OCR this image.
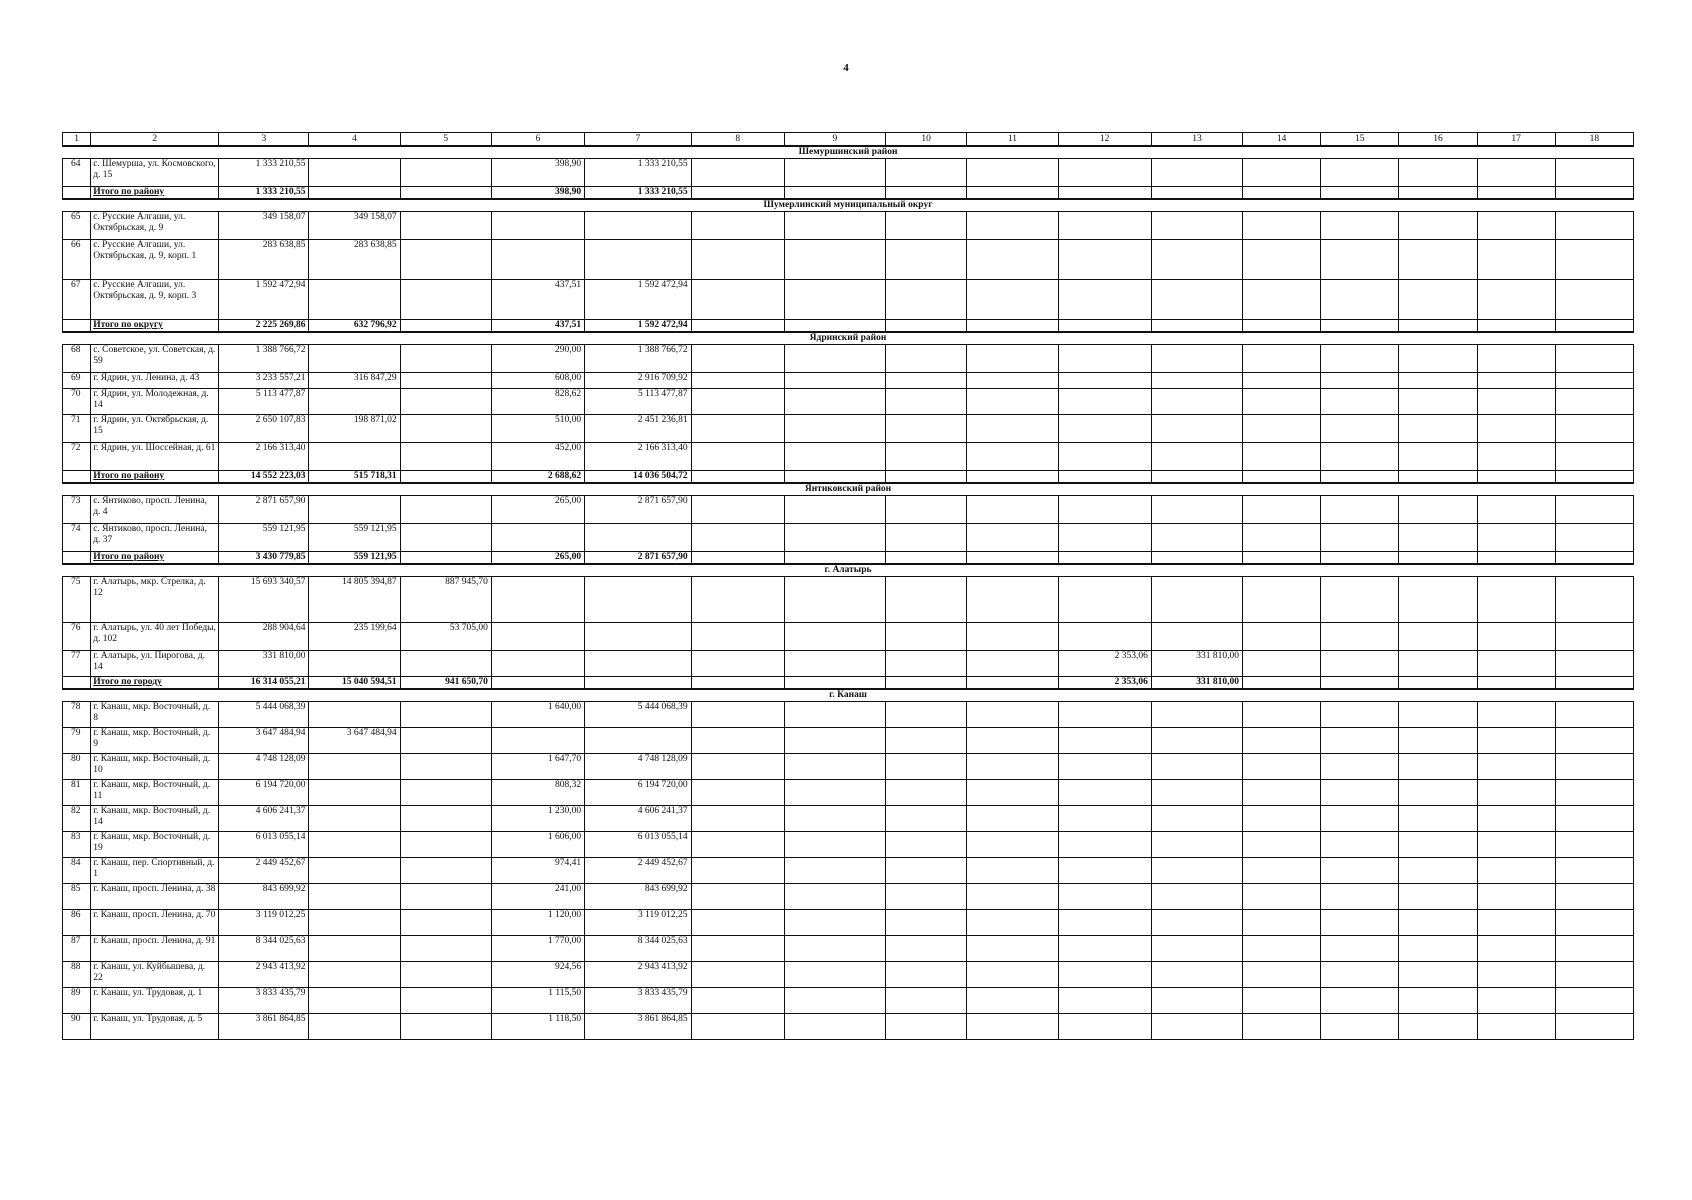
4
1	2	3	4	5	6	7	8	9	10	11	12	13	14	15	16	17	18
Шемуршинский район																	
64	с. Шемурша, ул. Космовского, д. 15	1 333 210,55			398,90	1 333 210,55											
	Итого по району	1 333 210,55			398,90	1 333 210,55											
Шумерлинский муниципальный округ																	
65	с. Русские Алгаши, ул. Октябрьская, д. 9	349 158,07	349 158,07														
66	с. Русские Алгаши, ул. Октябрьская, д. 9, корп. 1	283 638,85	283 638,85														
67	с. Русские Алгаши, ул. Октябрьская, д. 9, корп. 3	1 592 472,94			437,51	1 592 472,94											
	Итого по округу	2 225 269,86	632 796,92		437,51	1 592 472,94											
Ядринский район																	
68	с. Советское, ул. Советская, д. 59	1 388 766,72			290,00	1 388 766,72											
69	г. Ядрин, ул. Ленина, д. 43	3 233 557,21	316 847,29		608,00	2 916 709,92											
70	г. Ядрин, ул. Молодежная, д. 14	5 113 477,87			828,62	5 113 477,87											
71	г. Ядрин, ул. Октябрьская, д. 15	2 650 107,83	198 871,02		510,00	2 451 236,81											
72	г. Ядрин, ул. Шоссейная, д. 61	2 166 313,40			452,00	2 166 313,40											
	Итого по району	14 552 223,03	515 718,31		2 688,62	14 036 504,72											
Янтиковский район																	
73	с. Янтиково, просп. Ленина, д. 4	2 871 657,90			265,00	2 871 657,90											
74	с. Янтиково, просп. Ленина, д. 37	559 121,95	559 121,95														
	Итого по району	3 430 779,85	559 121,95		265,00	2 871 657,90											
г. Алатырь																	
75	г. Алатырь, мкр. Стрелка, д. 12	15 693 340,57	14 805 394,87	887 945,70													
76	г. Алатырь, ул. 40 лет Победы, д. 102	288 904,64	235 199,64	53 705,00													
77	г. Алатырь, ул. Пирогова, д. 14	331 810,00									2 353,06	331 810,00					
	Итого по городу	16 314 055,21	15 040 594,51	941 650,70							2 353,06	331 810,00					
г. Канаш																	
78	г. Канаш, мкр. Восточный, д. 8	5 444 068,39			1 640,00	5 444 068,39											
79	г. Канаш, мкр. Восточный, д. 9	3 647 484,94	3 647 484,94														
80	г. Канаш, мкр. Восточный, д. 10	4 748 128,09			1 647,70	4 748 128,09											
81	г. Канаш, мкр. Восточный, д. 11	6 194 720,00			808,32	6 194 720,00											
82	г. Канаш, мкр. Восточный, д. 14	4 606 241,37			1 230,00	4 606 241,37											
83	г. Канаш, мкр. Восточный, д. 19	6 013 055,14			1 606,00	6 013 055,14											
84	г. Канаш, пер. Спортивный, д. 1	2 449 452,67			974,41	2 449 452,67											
85	г. Канаш, просп. Ленина, д. 38	843 699,92			241,00	843 699,92											
86	г. Канаш, просп. Ленина, д. 70	3 119 012,25			1 120,00	3 119 012,25											
87	г. Канаш, просп. Ленина, д. 91	8 344 025,63			1 770,00	8 344 025,63											
88	г. Канаш, ул. Куйбышева, д. 22	2 943 413,92			924,56	2 943 413,92											
89	г. Канаш, ул. Трудовая, д. 1	3 833 435,79			1 115,50	3 833 435,79											
90	г. Канаш, ул. Трудовая, д. 5	3 861 864,85			1 118,50	3 861 864,85											
